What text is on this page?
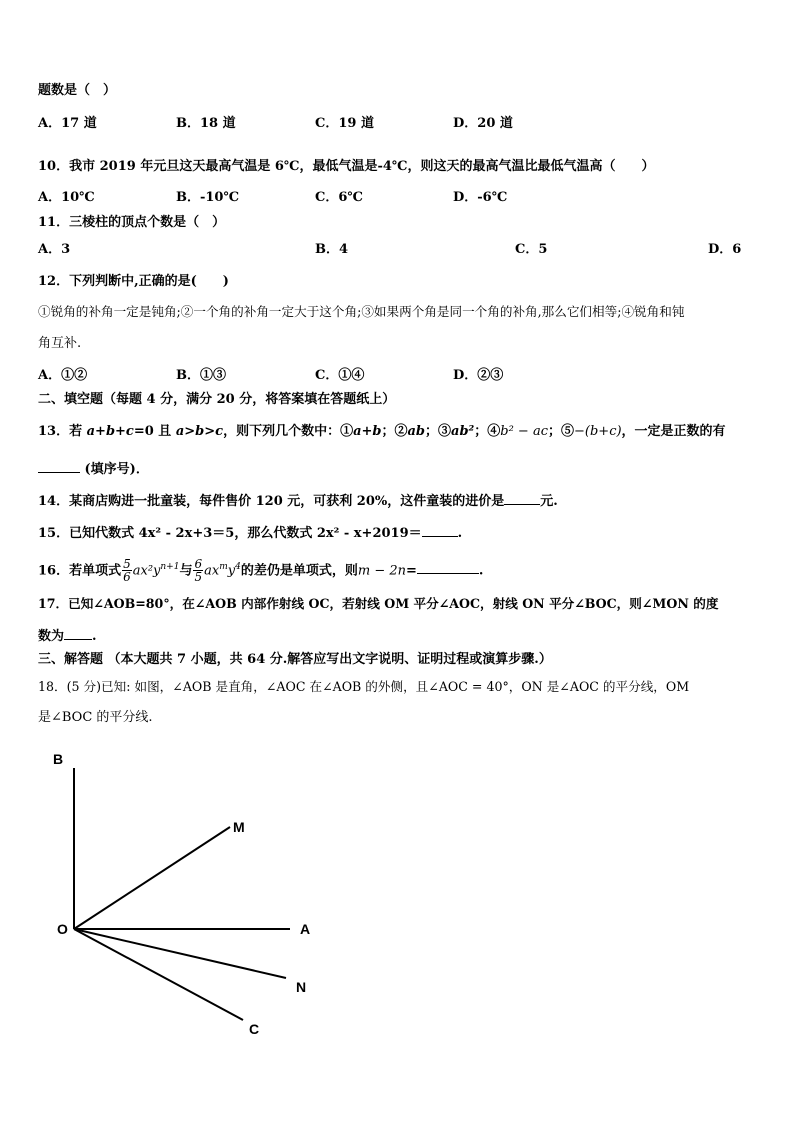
题数是（　）
A．17 道	B．18 道	C．19 道	D．20 道
10．我市 2019 年元旦这天最高气温是 6℃，最低气温是-4℃，则这天的最高气温比最低气温高（　　）
A．10℃	B．-10℃	C．6℃	D．-6℃
11．三棱柱的顶点个数是（　）
A．3	B．4	C．5	D．6
12．下列判断中,正确的是(　　)
①锐角的补角一定是钝角;②一个角的补角一定大于这个角;③如果两个角是同一个角的补角,那么它们相等;④锐角和钝
角互补.
A．①②	B．①③	C．①④	D．②③
二、填空题（每题 4 分，满分 20 分，将答案填在答题纸上）
13．若 a+b+c=0 且 a>b>c，则下列几个数中：①a+b；②ab；③ab²；④b² − ac；⑤−(b+c)，一定是正数的有
(填序号)．
14．某商店购进一批童装，每件售价 120 元，可获利 20%，这件童装的进价是	元.
15．已知代数式 4x² - 2x+3＝5，那么代数式 2x² - x+2019＝	.
16．若单项式 $\frac{5}{6} ax^2y^{n+1}$与 $\frac{6}{5} ax^my^4$的差仍是单项式，则m − 2n=	.
17．已知∠AOB=80°，在∠AOB 内部作射线 OC，若射线 OM 平分∠AOC，射线 ON 平分∠BOC，则∠MON 的度
数为 .
三、解答题 （本大题共 7 小题，共 64 分.解答应写出文字说明、证明过程或演算步骤.）
18．(5 分)已知: 如图，∠AOB 是直角，∠AOC 在∠AOB 的外侧，且∠AOC = 40°，ON 是∠AOC 的平分线，OM
是∠BOC 的平分线.
B
M
O	A
N
C
